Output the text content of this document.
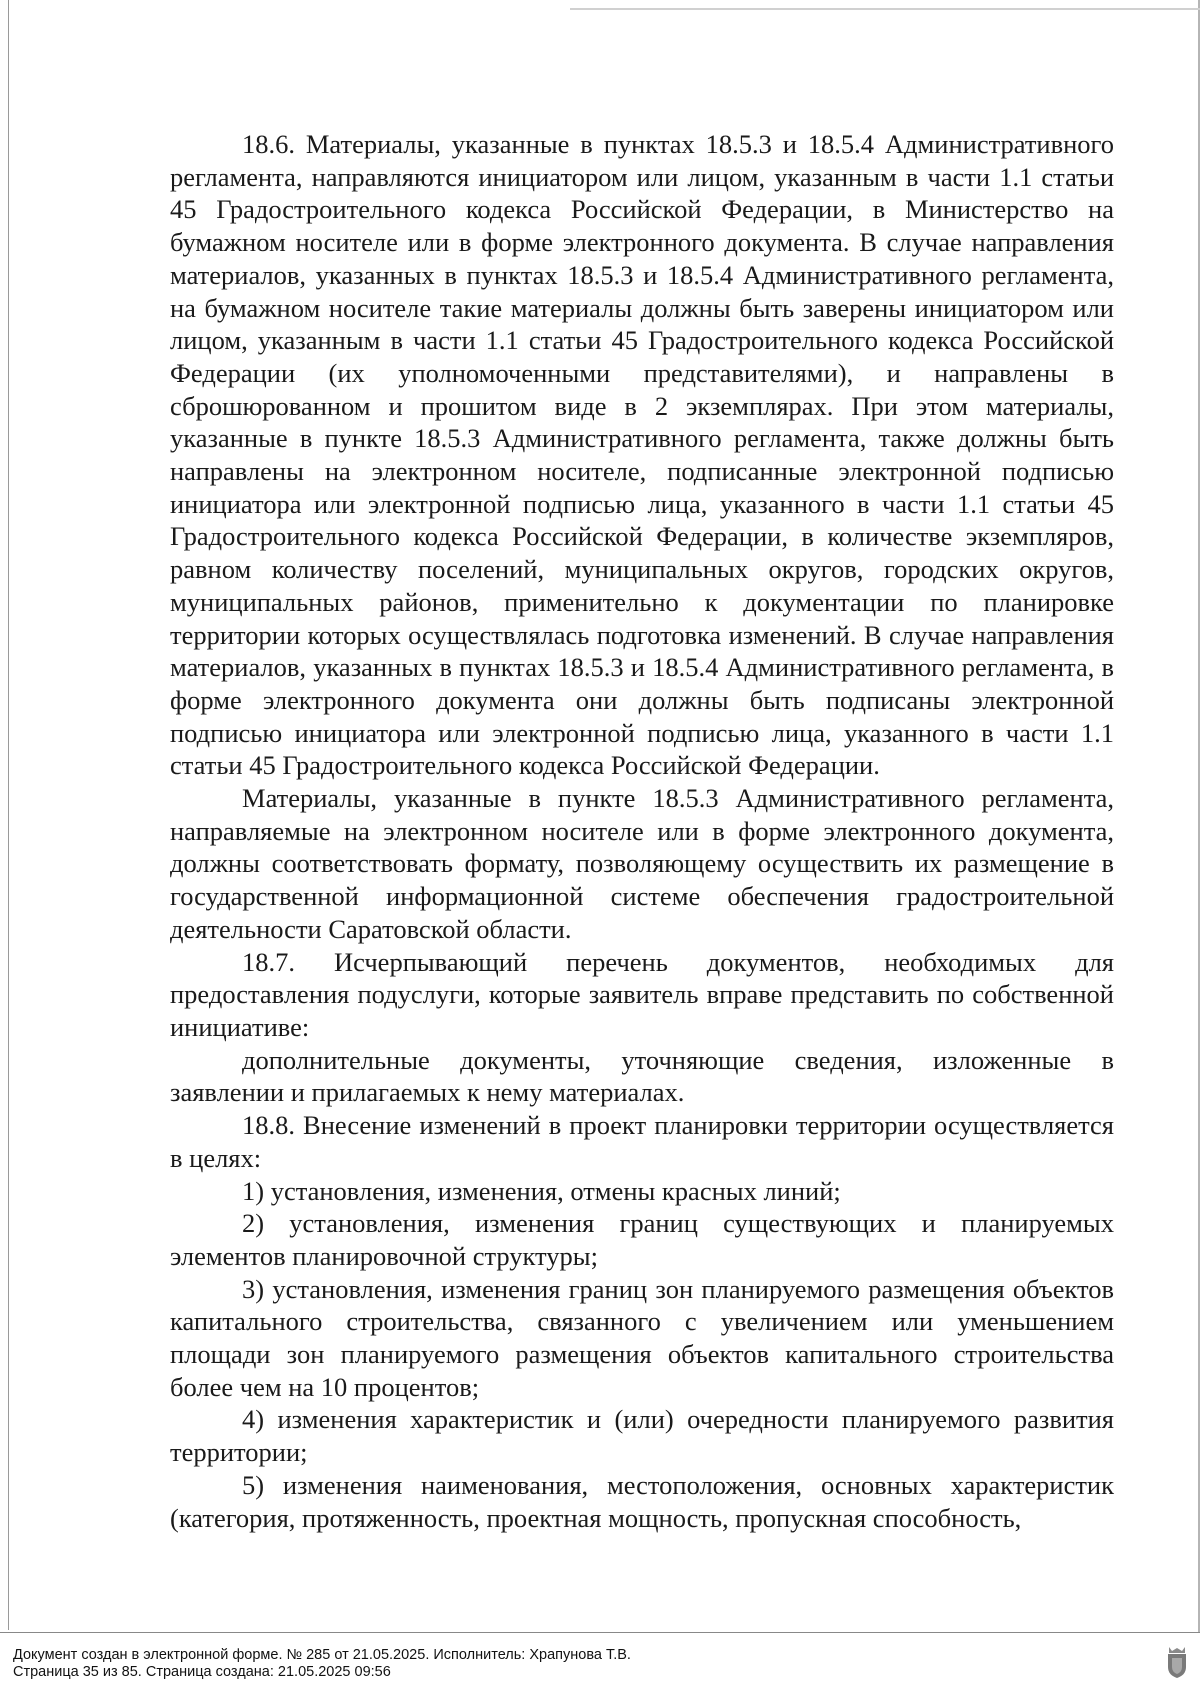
18.6. Материалы, указанные в пунктах 18.5.3 и 18.5.4 Административного регламента, направляются инициатором или лицом, указанным в части 1.1 статьи 45 Градостроительного кодекса Российской Федерации, в Министерство на бумажном носителе или в форме электронного документа. В случае направления материалов, указанных в пунктах 18.5.3 и 18.5.4 Административного регламента, на бумажном носителе такие материалы должны быть заверены инициатором или лицом, указанным в части 1.1 статьи 45 Градостроительного кодекса Российской Федерации (их уполномоченными представителями), и направлены в сброшюрованном и прошитом виде в 2 экземплярах. При этом материалы, указанные в пункте 18.5.3 Административного регламента, также должны быть направлены на электронном носителе, подписанные электронной подписью инициатора или электронной подписью лица, указанного в части 1.1 статьи 45 Градостроительного кодекса Российской Федерации, в количестве экземпляров, равном количеству поселений, муниципальных округов, городских округов, муниципальных районов, применительно к документации по планировке территории которых осуществлялась подготовка изменений. В случае направления материалов, указанных в пунктах 18.5.3 и 18.5.4 Административного регламента, в форме электронного документа они должны быть подписаны электронной подписью инициатора или электронной подписью лица, указанного в части 1.1 статьи 45 Градостроительного кодекса Российской Федерации.

Материалы, указанные в пункте 18.5.3 Административного регламента, направляемые на электронном носителе или в форме электронного документа, должны соответствовать формату, позволяющему осуществить их размещение в государственной информационной системе обеспечения градостроительной деятельности Саратовской области.

18.7. Исчерпывающий перечень документов, необходимых для предоставления подуслуги, которые заявитель вправе представить по собственной инициативе:

дополнительные документы, уточняющие сведения, изложенные в заявлении и прилагаемых к нему материалах.

18.8. Внесение изменений в проект планировки территории осуществляется в целях:

1) установления, изменения, отмены красных линий;

2) установления, изменения границ существующих и планируемых элементов планировочной структуры;

3) установления, изменения границ зон планируемого размещения объектов капитального строительства, связанного с увеличением или уменьшением площади зон планируемого размещения объектов капитального строительства более чем на 10 процентов;

4) изменения характеристик и (или) очередности планируемого развития территории;

5) изменения наименования, местоположения, основных характеристик (категория, протяженность, проектная мощность, пропускная способность,

Документ создан в электронной форме. № 285 от 21.05.2025. Исполнитель: Храпунова Т.В.
Страница 35 из 85. Страница создана: 21.05.2025 09:56
